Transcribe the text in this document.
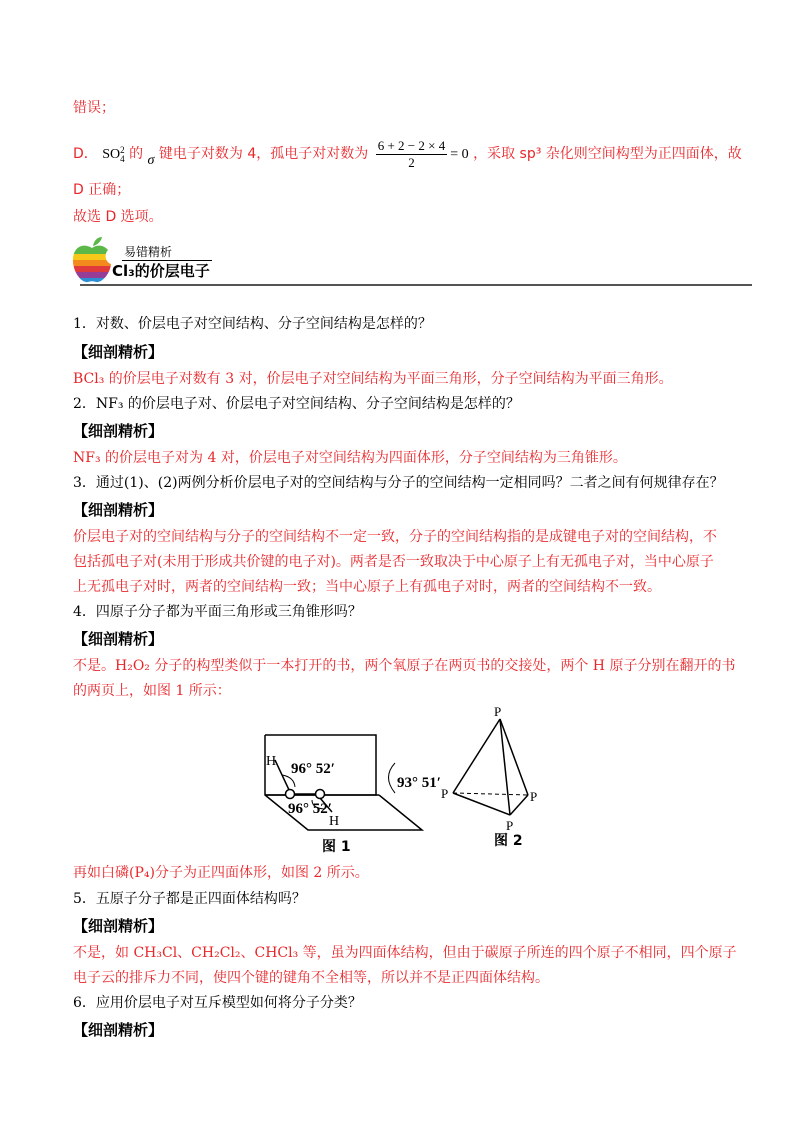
错误；
D． SO 2
4 的 σ 键电子对数为 4，孤电子对对数为 $\frac{6 + 2 - 2 \times 4}{2} = 0$ ，采取 sp³ 杂化则空间构型为正四面体，故
D 正确；
故选 D 选项。
易错精析
Cl₃的价层电子
1．对数、价层电子对空间结构、分子空间结构是怎样的？
【细剖精析】
BCl₃ 的价层电子对数有 3 对，价层电子对空间结构为平面三角形，分子空间结构为平面三角形。
2．NF₃ 的价层电子对、价层电子对空间结构、分子空间结构是怎样的？
【细剖精析】
NF₃ 的价层电子对为 4 对，价层电子对空间结构为四面体形，分子空间结构为三角锥形。
3．通过(1)、(2)两例分析价层电子对的空间结构与分子的空间结构一定相同吗？二者之间有何规律存在？
【细剖精析】
价层电子对的空间结构与分子的空间结构不一定一致，分子的空间结构指的是成键电子对的空间结构，不
包括孤电子对(未用于形成共价键的电子对)。两者是否一致取决于中心原子上有无孤电子对，当中心原子
上无孤电子对时，两者的空间结构一致；当中心原子上有孤电子对时，两者的空间结构不一致。
4．四原子分子都为平面三角形或三角锥形吗？
【细剖精析】
不是。H₂O₂ 分子的构型类似于一本打开的书，两个氧原子在两页书的交接处，两个 H 原子分别在翻开的书
的两页上，如图 1 所示：
H
H
96° 52′
96° 52′
93° 51′
图 1
P
P	P
P
图 2
再如白磷(P₄)分子为正四面体形，如图 2 所示。
5．五原子分子都是正四面体结构吗？
【细剖精析】
不是，如 CH₃Cl、CH₂Cl₂、CHCl₃ 等，虽为四面体结构，但由于碳原子所连的四个原子不相同，四个原子
电子云的排斥力不同，使四个键的键角不全相等，所以并不是正四面体结构。
6．应用价层电子对互斥模型如何将分子分类？
【细剖精析】
